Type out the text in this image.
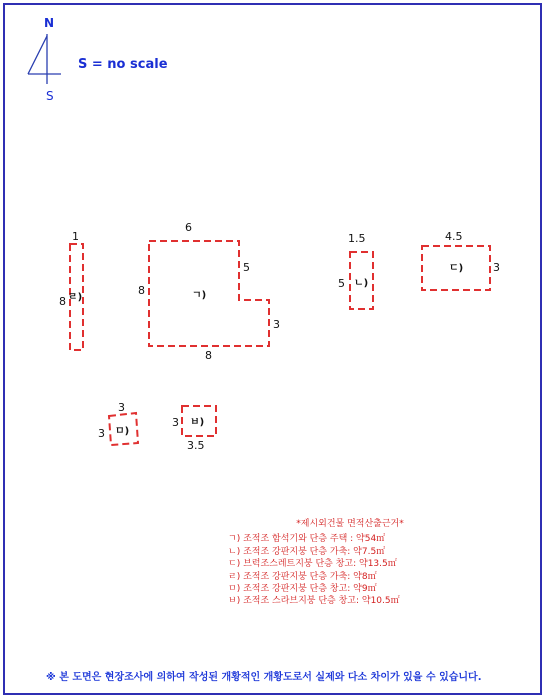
N
S
1
8 ㄹ)
6
5
3
8
8	ㄱ)
1.5
5 ㄴ)
4.5
3
ㄷ)
3
3 ㅁ)
3
3.5
ㅂ)
S = no scale
*제시외건물 면적산출근거*
ㄱ) 조적조 함석기와 단층 주택 : 약54㎡
ㄴ) 조적조 강판지붕 단층 가축: 약7.5㎡
ㄷ) 브럭조스레트지붕 단층 창고: 약13.5㎡
ㄹ) 조적조 강판지붕 단층 가축: 약8㎡
ㅁ) 조적조 강판지붕 단층 창고: 약9㎡
ㅂ) 조적조 스라브지붕 단층 창고: 약10.5㎡
※ 본 도면은 현장조사에 의하여 작성된 개황적인 개황도로서 실제와 다소 차이가 있을 수 있습니다.
